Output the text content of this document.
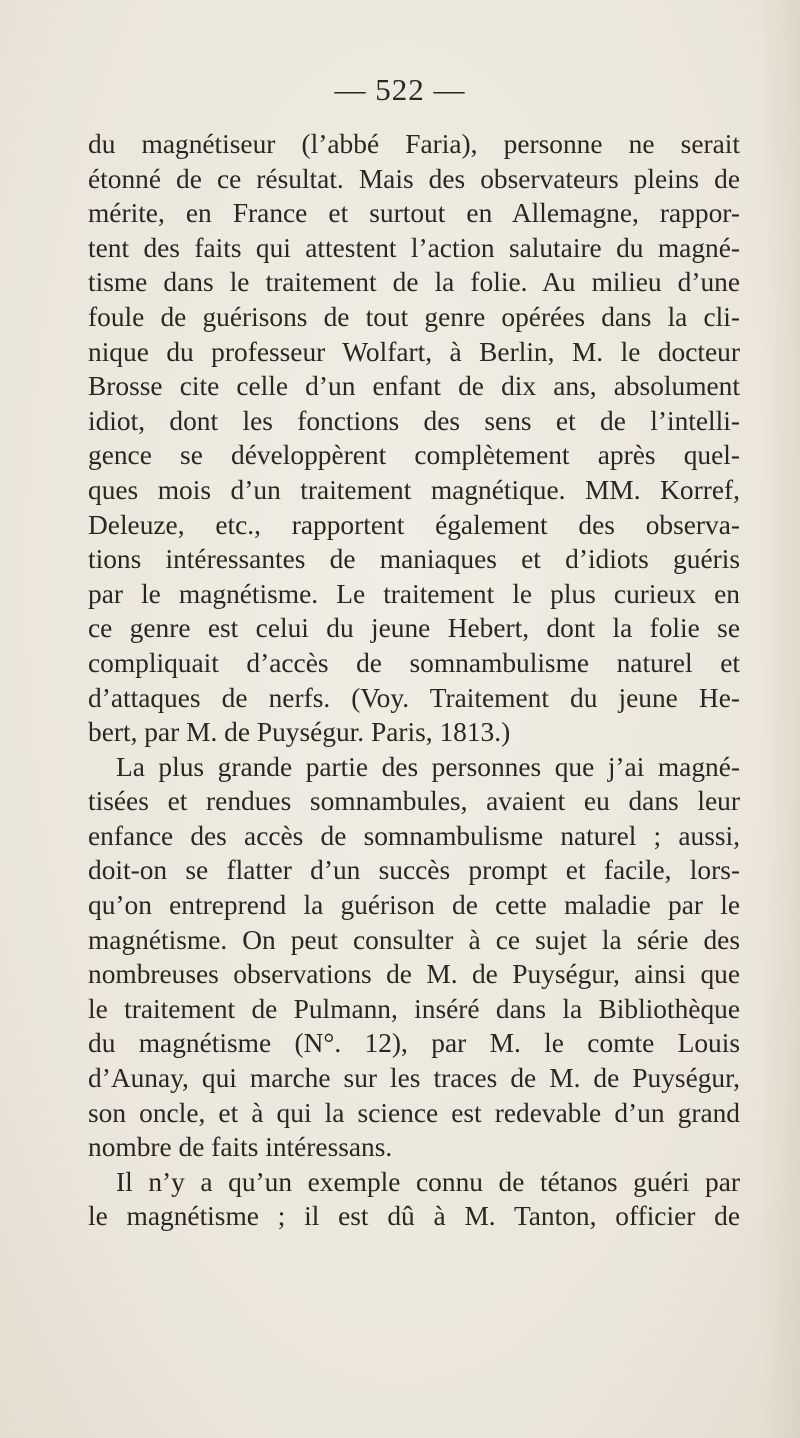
— 522 —
du magnétiseur (l’abbé Faria), personne ne serait
étonné de ce résultat. Mais des observateurs pleins de
mérite, en France et surtout en Allemagne, rappor-
tent des faits qui attestent l’action salutaire du magné-
tisme dans le traitement de la folie. Au milieu d’une
foule de guérisons de tout genre opérées dans la cli-
nique du professeur Wolfart, à Berlin, M. le docteur
Brosse cite celle d’un enfant de dix ans, absolument
idiot, dont les fonctions des sens et de l’intelli-
gence se développèrent complètement après quel-
ques mois d’un traitement magnétique. MM. Korref,
Deleuze, etc., rapportent également des observa-
tions intéressantes de maniaques et d’idiots guéris
par le magnétisme. Le traitement le plus curieux en
ce genre est celui du jeune Hebert, dont la folie se
compliquait d’accès de somnambulisme naturel et
d’attaques de nerfs. (Voy. Traitement du jeune He-
bert, par M. de Puységur. Paris, 1813.)
La plus grande partie des personnes que j’ai magné-
tisées et rendues somnambules, avaient eu dans leur
enfance des accès de somnambulisme naturel ; aussi,
doit-on se flatter d’un succès prompt et facile, lors-
qu’on entreprend la guérison de cette maladie par le
magnétisme. On peut consulter à ce sujet la série des
nombreuses observations de M. de Puységur, ainsi que
le traitement de Pulmann, inséré dans la Bibliothèque
du magnétisme (N°. 12), par M. le comte Louis
d’Aunay, qui marche sur les traces de M. de Puységur,
son oncle, et à qui la science est redevable d’un grand
nombre de faits intéressans.
Il n’y a qu’un exemple connu de tétanos guéri par
le magnétisme ; il est dû à M. Tanton, officier de
